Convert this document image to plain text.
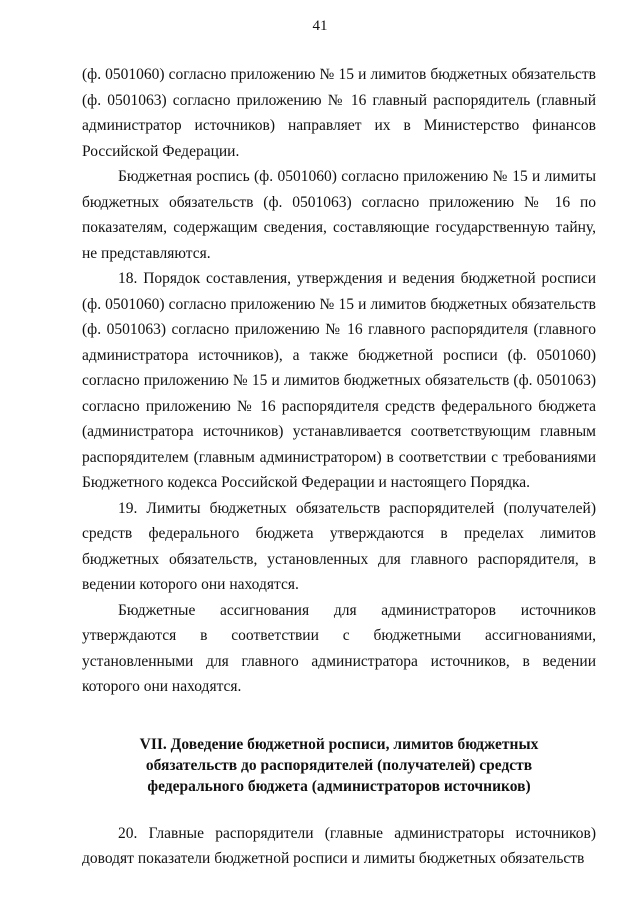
41

(ф. 0501060) согласно приложению № 15 и лимитов бюджетных обязательств (ф. 0501063) согласно приложению № 16 главный распорядитель (главный администратор источников) направляет их в Министерство финансов Российской Федерации.

Бюджетная роспись (ф. 0501060) согласно приложению № 15 и лимиты бюджетных обязательств (ф. 0501063) согласно приложению № 16 по показателям, содержащим сведения, составляющие государственную тайну, не представляются.

18. Порядок составления, утверждения и ведения бюджетной росписи (ф. 0501060) согласно приложению № 15 и лимитов бюджетных обязательств (ф. 0501063) согласно приложению № 16 главного распорядителя (главного администратора источников), а также бюджетной росписи (ф. 0501060) согласно приложению № 15 и лимитов бюджетных обязательств (ф. 0501063) согласно приложению № 16 распорядителя средств федерального бюджета (администратора источников) устанавливается соответствующим главным распорядителем (главным администратором) в соответствии с требованиями Бюджетного кодекса Российской Федерации и настоящего Порядка.

19. Лимиты бюджетных обязательств распорядителей (получателей) средств федерального бюджета утверждаются в пределах лимитов бюджетных обязательств, установленных для главного распорядителя, в ведении которого они находятся.

Бюджетные ассигнования для администраторов источников утверждаются в соответствии с бюджетными ассигнованиями, установленными для главного администратора источников, в ведении которого они находятся.

VII. Доведение бюджетной росписи, лимитов бюджетных
обязательств до распорядителей (получателей) средств
федерального бюджета (администраторов источников)

20. Главные распорядители (главные администраторы источников) доводят показатели бюджетной росписи и лимиты бюджетных обязательств
